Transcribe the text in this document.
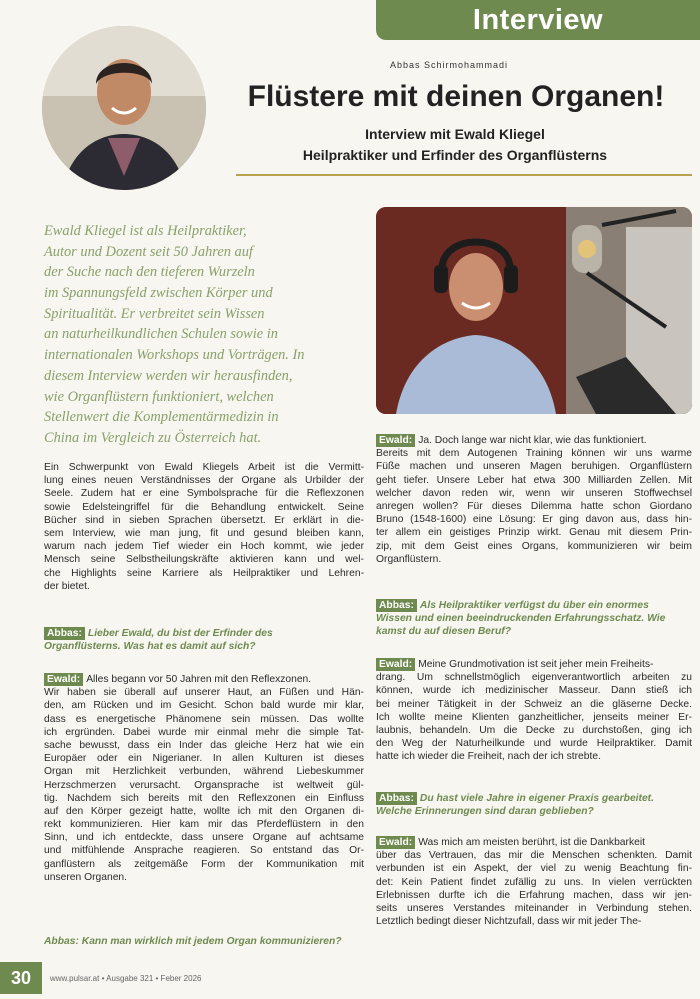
Interview
Abbas Schirmohammadi
Flüstere mit deinen Organen!
Interview mit Ewald Kliegel
Heilpraktiker und Erfinder des Organflüsterns
Ewald Kliegel ist als Heilpraktiker,
Autor und Dozent seit 50 Jahren auf
der Suche nach den tieferen Wurzeln
im Spannungsfeld zwischen Körper und
Spiritualität. Er verbreitet sein Wissen
an naturheilkundlichen Schulen sowie in
internationalen Workshops und Vorträgen. In
diesem Interview werden wir herausfinden,
wie Organflüstern funktioniert, welchen
Stellenwert die Komplementärmedizin in
China im Vergleich zu Österreich hat.
Ein Schwerpunkt von Ewald Kliegels Arbeit ist die Vermitt-
lung eines neuen Verständnisses der Organe als Urbilder der
Seele. Zudem hat er eine Symbolsprache für die Reflexzonen
sowie Edelsteingriffel für die Behandlung entwickelt. Seine
Bücher sind in sieben Sprachen übersetzt. Er erklärt in die-
sem Interview, wie man jung, fit und gesund bleiben kann,
warum nach jedem Tief wieder ein Hoch kommt, wie jeder
Mensch seine Selbstheilungskräfte aktivieren kann und wel-
che Highlights seine Karriere als Heilpraktiker und Lehren-
der bietet.
Abbas: Lieber Ewald, du bist der Erfinder des
Organflüsterns. Was hat es damit auf sich?
Ewald: Alles begann vor 50 Jahren mit den Reflexzonen.
Wir haben sie überall auf unserer Haut, an Füßen und Hän-
den, am Rücken und im Gesicht. Schon bald wurde mir klar,
dass es energetische Phänomene sein müssen. Das wollte
ich ergründen. Dabei wurde mir einmal mehr die simple Tat-
sache bewusst, dass ein Inder das gleiche Herz hat wie ein
Europäer oder ein Nigerianer. In allen Kulturen ist dieses
Organ mit Herzlichkeit verbunden, während Liebeskummer
Herzschmerzen verursacht. Organsprache ist weltweit gül-
tig. Nachdem sich bereits mit den Reflexzonen ein Einfluss
auf den Körper gezeigt hatte, wollte ich mit den Organen di-
rekt kommunizieren. Hier kam mir das Pferdeflüstern in den
Sinn, und ich entdeckte, dass unsere Organe auf achtsame
und mitfühlende Ansprache reagieren. So entstand das Or-
ganflüstern als zeitgemäße Form der Kommunikation mit
unseren Organen.
Abbas: Kann man wirklich mit jedem Organ kommunizieren?
Ewald: Ja. Doch lange war nicht klar, wie das funktioniert.
Bereits mit dem Autogenen Training können wir uns warme
Füße machen und unseren Magen beruhigen. Organflüstern
geht tiefer. Unsere Leber hat etwa 300 Milliarden Zellen. Mit
welcher davon reden wir, wenn wir unseren Stoffwechsel
anregen wollen? Für dieses Dilemma hatte schon Giordano
Bruno (1548-1600) eine Lösung: Er ging davon aus, dass hin-
ter allem ein geistiges Prinzip wirkt. Genau mit diesem Prin-
zip, mit dem Geist eines Organs, kommunizieren wir beim
Organflüstern.
Abbas: Als Heilpraktiker verfügst du über ein enormes
Wissen und einen beeindruckenden Erfahrungsschatz. Wie
kamst du auf diesen Beruf?
Ewald: Meine Grundmotivation ist seit jeher mein Freiheits-
drang. Um schnellstmöglich eigenverantwortlich arbeiten zu
können, wurde ich medizinischer Masseur. Dann stieß ich
bei meiner Tätigkeit in der Schweiz an die gläserne Decke.
Ich wollte meine Klienten ganzheitlicher, jenseits meiner Er-
laubnis, behandeln. Um die Decke zu durchstoßen, ging ich
den Weg der Naturheilkunde und wurde Heilpraktiker. Damit
hatte ich wieder die Freiheit, nach der ich strebte.
Abbas: Du hast viele Jahre in eigener Praxis gearbeitet.
Welche Erinnerungen sind daran geblieben?
Ewald: Was mich am meisten berührt, ist die Dankbarkeit
über das Vertrauen, das mir die Menschen schenkten. Damit
verbunden ist ein Aspekt, der viel zu wenig Beachtung fin-
det: Kein Patient findet zufällig zu uns. In vielen verrückten
Erlebnissen durfte ich die Erfahrung machen, dass wir jen-
seits unseres Verstandes miteinander in Verbindung stehen.
Letztlich bedingt dieser Nichtzufall, dass wir mit jeder The-
30	www.pulsar.at • Ausgabe 321 • Feber 2026
